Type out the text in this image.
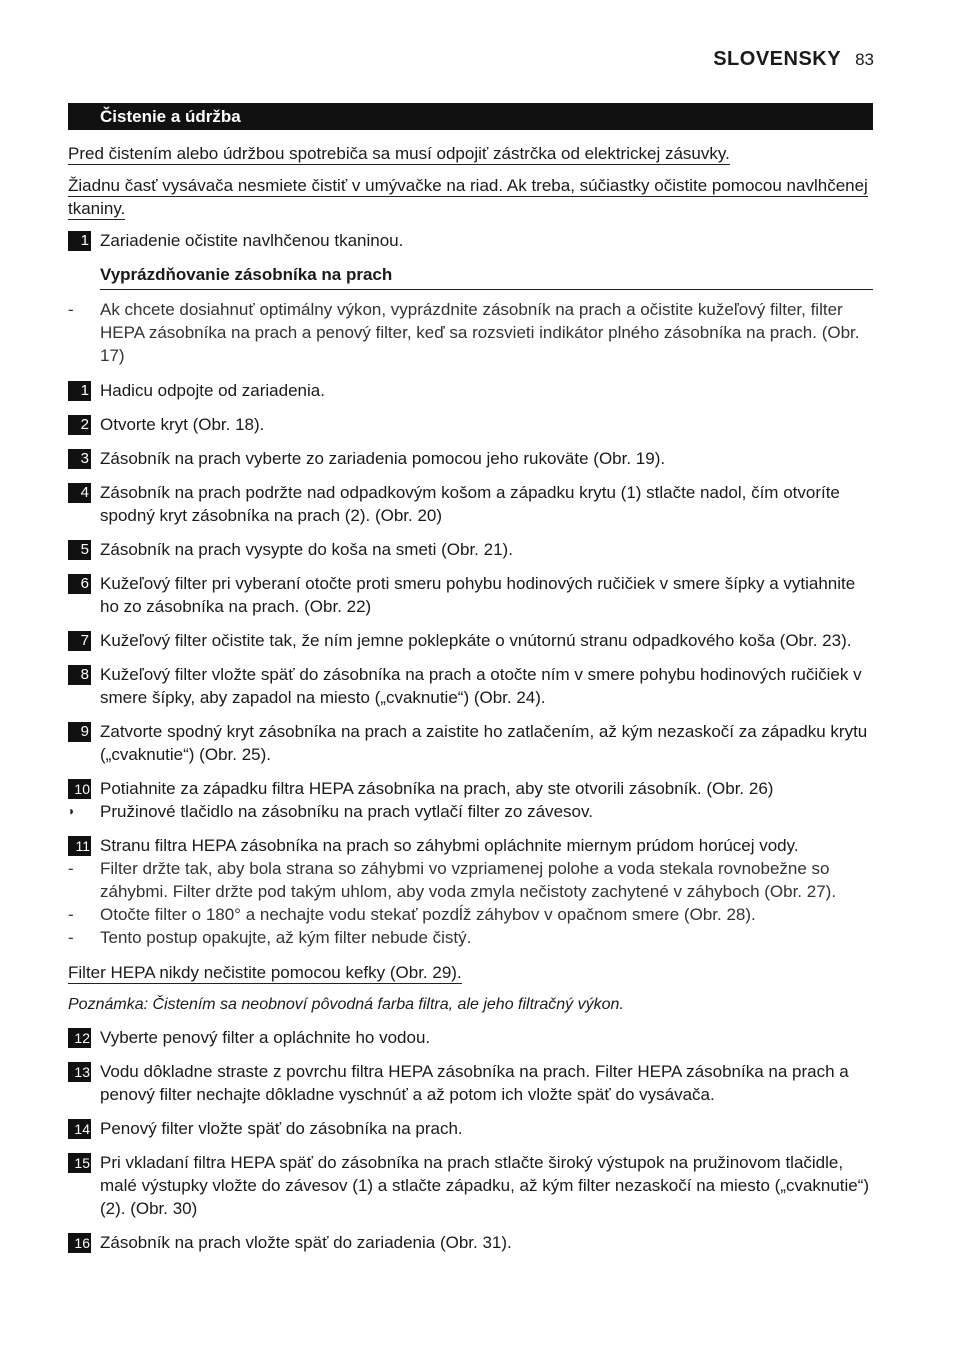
SLOVENSKY 83
Čistenie a údržba
Pred čistením alebo údržbou spotrebiča sa musí odpojiť zástrčka od elektrickej zásuvky.
Žiadnu časť vysávača nesmiete čistiť v umývačke na riad. Ak treba, súčiastky očistite pomocou navlhčenej tkaniny.
1 Zariadenie očistite navlhčenou tkaninou.
Vyprázdňovanie zásobníka na prach
-	Ak chcete dosiahnuť optimálny výkon, vyprázdnite zásobník na prach a očistite kužeľový filter, filter HEPA zásobníka na prach a penový filter, keď sa rozsvieti indikátor plného zásobníka na prach. (Obr. 17)
1 Hadicu odpojte od zariadenia.
2 Otvorte kryt (Obr. 18).
3 Zásobník na prach vyberte zo zariadenia pomocou jeho rukoväte (Obr. 19).
4 Zásobník na prach podržte nad odpadkovým košom a západku krytu (1) stlačte nadol, čím otvoríte spodný kryt zásobníka na prach (2). (Obr. 20)
5 Zásobník na prach vysypte do koša na smeti (Obr. 21).
6 Kužeľový filter pri vyberaní otočte proti smeru pohybu hodinových ručičiek v smere šípky a vytiahnite ho zo zásobníka na prach. (Obr. 22)
7 Kužeľový filter očistite tak, že ním jemne poklepkáte o vnútornú stranu odpadkového koša (Obr. 23).
8 Kužeľový filter vložte späť do zásobníka na prach a otočte ním v smere pohybu hodinových ručičiek v smere šípky, aby zapadol na miesto („cvaknutie“) (Obr. 24).
9 Zatvorte spodný kryt zásobníka na prach a zaistite ho zatlačením, až kým nezaskočí za západku krytu („cvaknutie“) (Obr. 25).
10 Potiahnite za západku filtra HEPA zásobníka na prach, aby ste otvorili zásobník. (Obr. 26)
◗	Pružinové tlačidlo na zásobníku na prach vytlačí filter zo závesov.
11 Stranu filtra HEPA zásobníka na prach so záhybmi opláchnite miernym prúdom horúcej vody.
-	Filter držte tak, aby bola strana so záhybmi vo vzpriamenej polohe a voda stekala rovnobežne so záhybmi. Filter držte pod takým uhlom, aby voda zmyla nečistoty zachytené v záhyboch (Obr. 27).
-	Otočte filter o 180° a nechajte vodu stekať pozdĺž záhybov v opačnom smere (Obr. 28).
-	Tento postup opakujte, až kým filter nebude čistý.
Filter HEPA nikdy nečistite pomocou kefky (Obr. 29).
Poznámka: Čistením sa neobnoví pôvodná farba filtra, ale jeho filtračný výkon.
12 Vyberte penový filter a opláchnite ho vodou.
13 Vodu dôkladne straste z povrchu filtra HEPA zásobníka na prach. Filter HEPA zásobníka na prach a penový filter nechajte dôkladne vyschnúť a až potom ich vložte späť do vysávača.
14 Penový filter vložte späť do zásobníka na prach.
15 Pri vkladaní filtra HEPA späť do zásobníka na prach stlačte široký výstupok na pružinovom tlačidle, malé výstupky vložte do závesov (1) a stlačte západku, až kým filter nezaskočí na miesto („cvaknutie“) (2). (Obr. 30)
16 Zásobník na prach vložte späť do zariadenia (Obr. 31).
